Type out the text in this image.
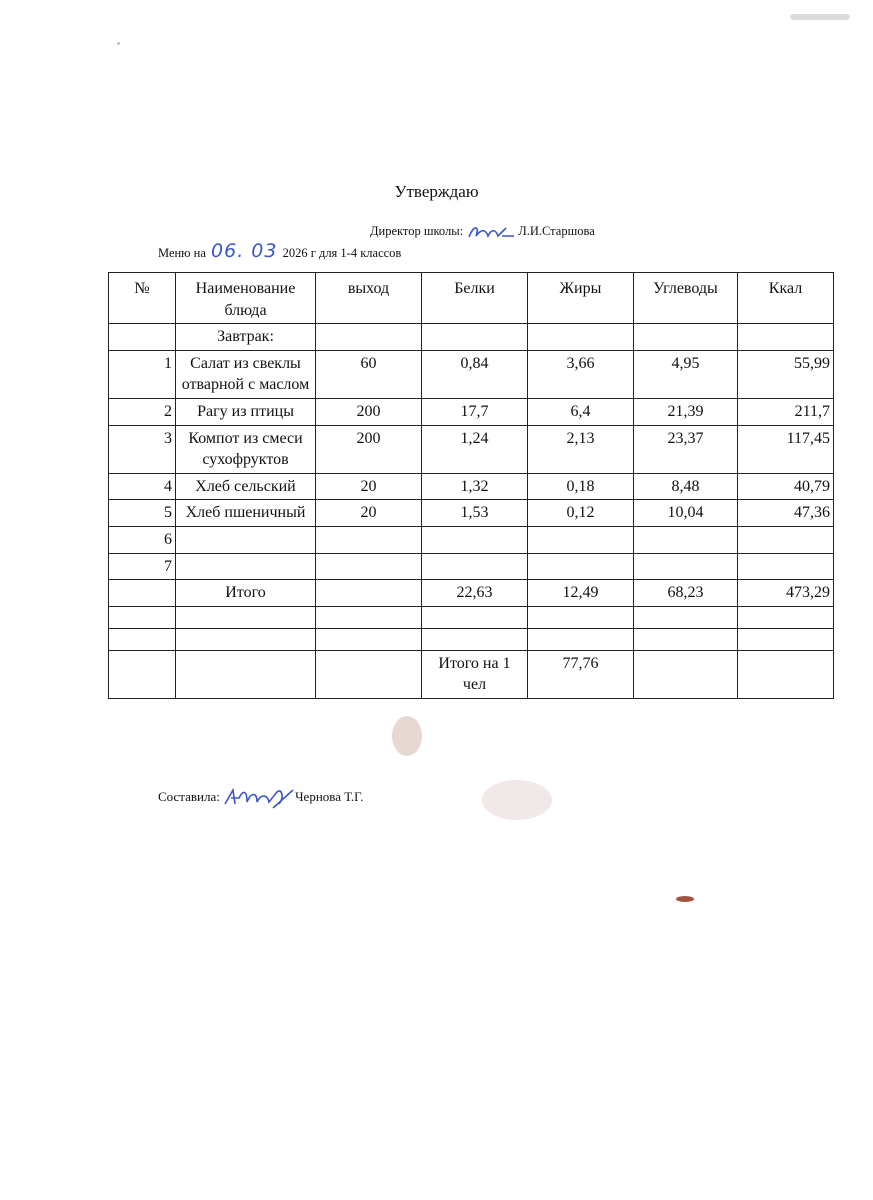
Утверждаю
Директор школы:	Л.И.Старшова
Меню на 06. 03 2026 г для 1-4 классов
№	Наименование блюда	выход	Белки	Жиры	Углеводы	Ккал
	Завтрак:					
1	Салат из свеклы отварной с маслом	60	0,84	3,66	4,95	55,99
2	Рагу из птицы	200	17,7	6,4	21,39	211,7
3	Компот из смеси сухофруктов	200	1,24	2,13	23,37	117,45
4	Хлеб сельский	20	1,32	0,18	8,48	40,79
5	Хлеб пшеничный	20	1,53	0,12	10,04	47,36
6						
7						
	Итого		22,63	12,49	68,23	473,29

			Итого на 1 чел	77,76		
Составила:	Чернова Т.Г.
